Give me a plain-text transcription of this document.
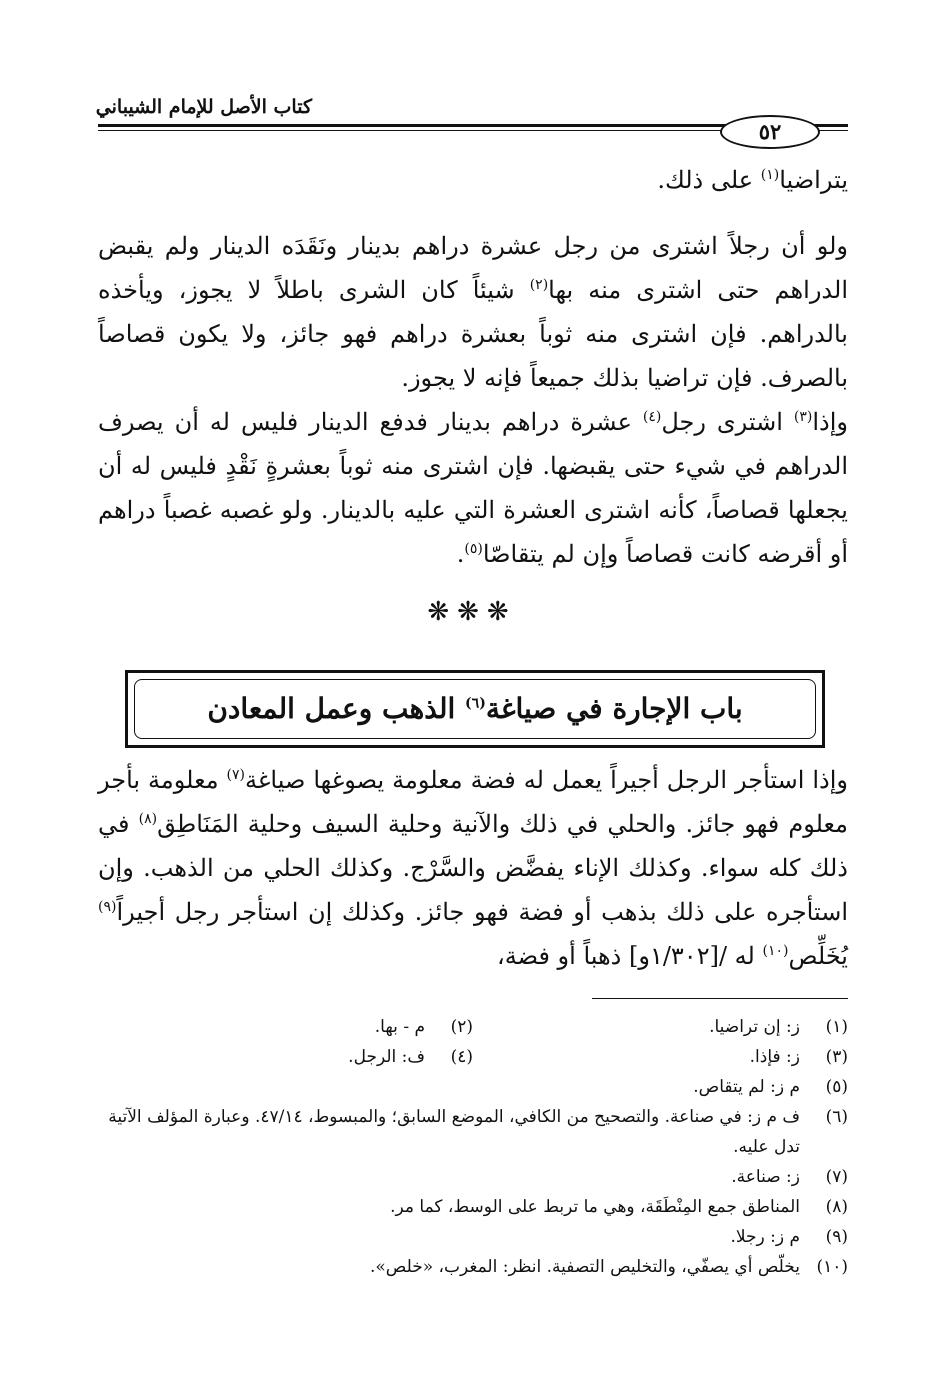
كتاب الأصل للإمام الشيباني
٥٢

يتراضيا$^{(١)}$ على ذلك.

ولو أن رجلاً اشترى من رجل عشرة دراهم بدينار ونَقَدَه الدينار ولم يقبض الدراهم حتى اشترى منه بها$^{(٢)}$ شيئاً كان الشرى باطلاً لا يجوز، ويأخذه بالدراهم. فإن اشترى منه ثوباً بعشرة دراهم فهو جائز، ولا يكون قصاصاً بالصرف. فإن تراضيا بذلك جميعاً فإنه لا يجوز.

وإذا$^{(٣)}$ اشترى رجل$^{(٤)}$ عشرة دراهم بدينار فدفع الدينار فليس له أن يصرف الدراهم في شيء حتى يقبضها. فإن اشترى منه ثوباً بعشرةٍ نَقْدٍ فليس له أن يجعلها قصاصاً، كأنه اشترى العشرة التي عليه بالدينار. ولو غصبه غصباً دراهم أو أقرضه كانت قصاصاً وإن لم يتقاصّا$^{(٥)}$.

❋❋❋
باب الإجارة في صياغة$^{(٦)}$ الذهب وعمل المعادن

وإذا استأجر الرجل أجيراً يعمل له فضة معلومة يصوغها صياغة$^{(٧)}$ معلومة بأجر معلوم فهو جائز. والحلي في ذلك والآنية وحلية السيف وحلية المَنَاطِق$^{(٨)}$ في ذلك كله سواء. وكذلك الإناء يفضَّض والسَّرْج. وكذلك الحلي من الذهب. وإن استأجره على ذلك بذهب أو فضة فهو جائز. وكذلك إن استأجر رجل أجيراً$^{(٩)}$ يُخَلِّص$^{(١٠)}$ له /[١/٣٠٢و] ذهباً أو فضة،

(١)
ز: إن تراضيا.
(٢)
م - بها.
(٣)
ز: فإذا.
(٤)
ف: الرجل.
(٥)
م ز: لم يتقاص.
(٦)
ف م ز: في صناعة. والتصحيح من الكافي، الموضع السابق؛ والمبسوط، ٤٧/١٤. وعبارة المؤلف الآتية تدل عليه.
(٧)
ز: صناعة.
(٨)
المناطق جمع المِنْطَقَة، وهي ما تربط على الوسط، كما مر.
(٩)
م ز: رجلا.
(١٠)
يخلّص أي يصفّي، والتخليص التصفية. انظر: المغرب، «خلص».
